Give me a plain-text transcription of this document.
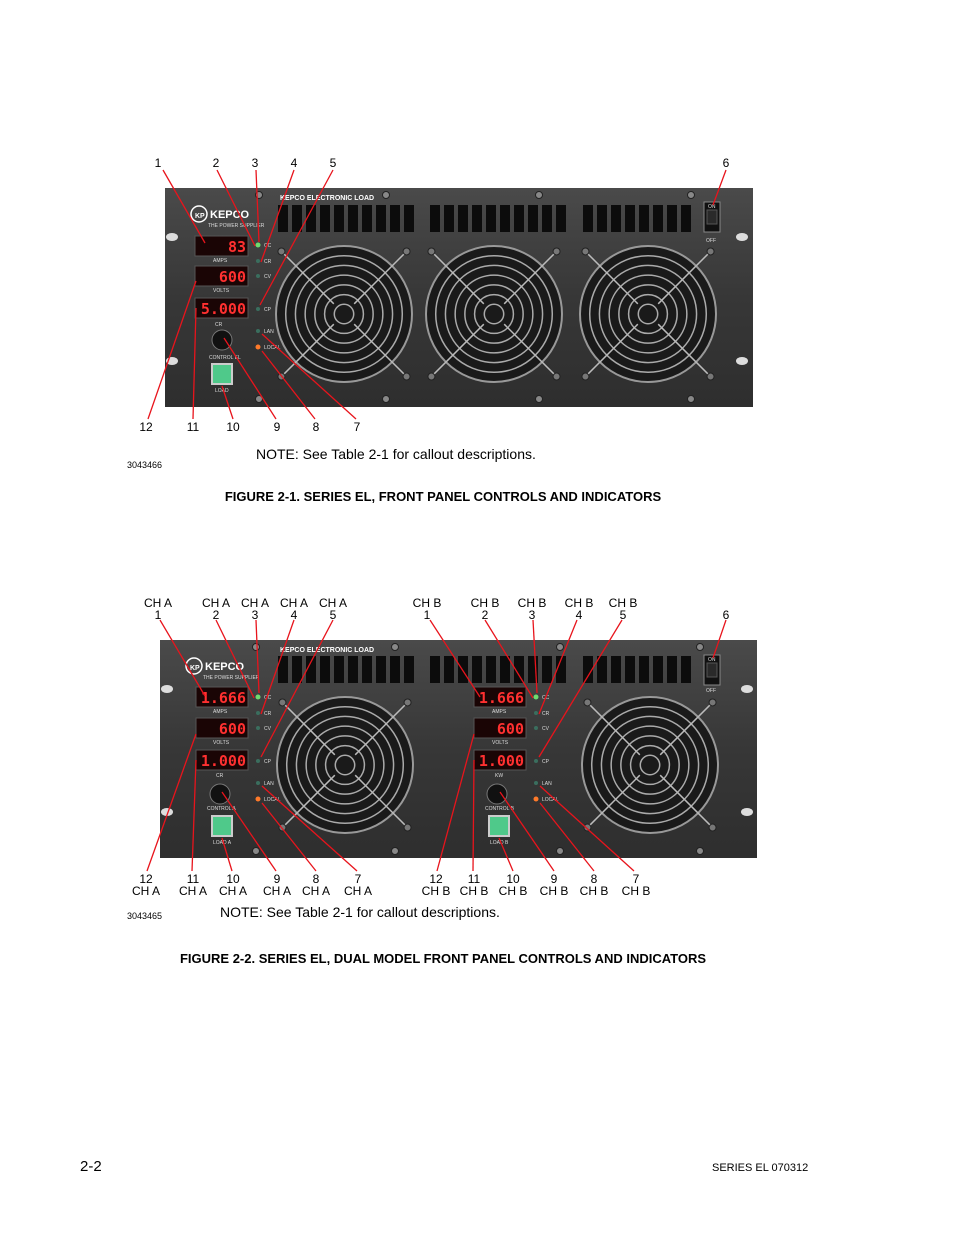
1	2	3	4	5	6
12	11 10	9	8	7
KP KEPCO
THE POWER SUPPLIER
KEPCO ELECTRONIC LOAD
83
AMPS
600
VOLTS
5.000
CC
CR
CV
CP
LAN
LOCAL
CR
CONTROL EL
LOAD
ON
OFF
NOTE: See Table 2-1 for callout descriptions.
3043466
FIGURE 2-1. SERIES EL, FRONT PANEL CONTROLS AND INDICATORS
CH A
1
CH A
2
CH A
3
CH A
4
CH A
5
CH B
1
CH B
2
CH B
3
CH B
4
CH B
5	6
12
CH A
11
CH A
10
CH A
9
CH A
8
CH A
7
CH A
12
CH B
11
CH B
10
CH B
9
CH B
8
CH B
7
CH B
KP KEPCO
THE POWER SUPPLIER
KEPCO ELECTRONIC LOAD
1.666
AMPS
600
VOLTS
1.000
CR
CONTROL A
LOAD A
CC
CR
CV
CP
LAN
LOCAL
1.666
AMPS
600
VOLTS
1.000
KW
CONTROL B
LOAD B
CC
CR
CV
CP
LAN
LOCAL
ON
OFF
NOTE: See Table 2-1 for callout descriptions.
3043465
FIGURE 2-2. SERIES EL, DUAL MODEL FRONT PANEL CONTROLS AND INDICATORS
2-2	SERIES EL 070312
